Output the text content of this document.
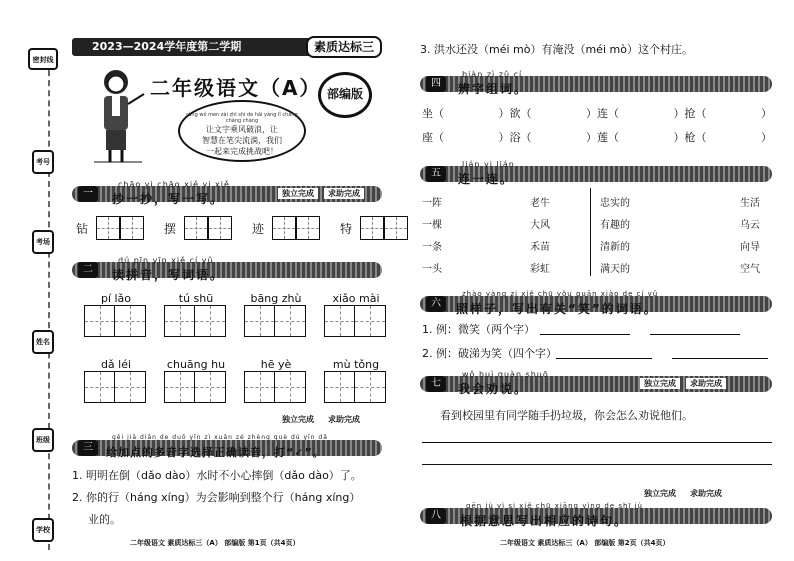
密封线
考号
考场
姓名
班级
学校
2023—2024学年度第二学期	素质达标三
二年级语文（A） 部编版
ràng wǒ men zài zhī shi de hǎi yáng lǐ chàng chàng chàng
让文字乘风破浪，让
智慧在笔尖流淌，我们
一起来完成挑战吧！
一
chāo yi chāo xiě yi xiě
抄一抄，写一写。	独立完成	求助完成
钻	摆	迹	特
二
dú pīn yīn xiě cí yǔ
读拼音，写词语。
pí lǎo	tú shū	bāng zhù	xiǎo mài
dǎ léi	chuāng hu	hē yè	mù tǒng
独立完成	求助完成
三
gěi jiā diǎn de duō yīn zì xuǎn zé zhèng què dú yīn dǎ
给加点的多音字选择正确读音，打“✓”。
1. 明明在倒（dǎo dào）水时不小心摔倒（dǎo dào）了。
2. 你的行（háng xíng）为会影响到整个行（háng xíng）
业的。
二年级语文 素质达标三（A） 部编版 第1页（共4页）
3. 洪水还没（méi mò）有淹没（méi mò）这个村庄。
四
biàn zì zǔ cí
辨字组词。
坐（	）欲（	）连（	）抢（	）
座（	）浴（	）莲（	）枪（	）
五
lián yi lián
连一连。
一阵	老牛	忠实的	生活
一棵	大风	有趣的	乌云
一条	禾苗	清新的	向导
一头	彩虹	满天的	空气
六
zhào yàng zi xiě chū yǒu guān xiào de cí yǔ
照样子，写出有关“笑”的词语。
1. 例：微笑（两个字）
2. 例：破涕为笑（四个字）
七
wǒ huì quàn shuō
我会劝说。	独立完成	求助完成
看到校园里有同学随手扔垃圾，你会怎么劝说他们。
独立完成	求助完成
八
gēn jù yì si xiě chū xiāng yìng de shī jù
根据意思写出相应的诗句。
二年级语文 素质达标三（A） 部编版 第2页（共4页）
